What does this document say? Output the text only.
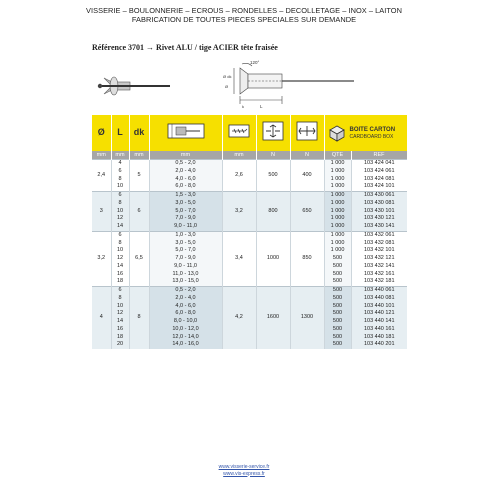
VISSERIE – BOULONNERIE – ECROUS – RONDELLES – DECOLLETAGE – INOX – LAITON
FABRICATION DE TOUTES PIECES SPECIALES SUR DEMANDE
Référence 3701 → Rivet ALU / tige ACIER tête fraisée
120°
Ø dk
Ø
L
k
Ø	L	dk					BOITE CARTON
CARDBOARD BOX	

mm	mm	mm	mm	mm	N	N	QTE	REF
2,4	4	5	0,5 - 2,0	2,6	500	400	1 000	103 424 041
	6		2,0 - 4,0				1 000	103 424 061
	8		4,0 - 6,0				1 000	103 424 081
	10		6,0 - 8,0				1 000	103 424 101
3	6	6	1,5 - 3,0	3,2	800	650	1 000	103 430 061
	8		3,0 - 5,0				1 000	103 430 081
	10		5,0 - 7,0				1 000	103 430 101
	12		7,0 - 9,0				1 000	103 430 121
	14		9,0 - 11,0				1 000	103 430 141
3,2	6	6,5	1,0 - 3,0	3,4	1000	850	1 000	103 432 061
	8		3,0 - 5,0				1 000	103 432 081
	10		5,0 - 7,0				1 000	103 432 101
	12		7,0 - 9,0				500	103 432 121
	14		9,0 - 11,0				500	103 432 141
	16		11,0 - 13,0				500	103 432 161
	18		13,0 - 15,0				500	103 432 181
4	6	8	0,5 - 2,0	4,2	1600	1300	500	103 440 061
	8		2,0 - 4,0				500	103 440 081
	10		4,0 - 6,0				500	103 440 101
	12		6,0 - 8,0				500	103 440 121
	14		8,0 - 10,0				500	103 440 141
	16		10,0 - 12,0				500	103 440 161
	18		12,0 - 14,0				500	103 440 181
	20		14,0 - 16,0				500	103 440 201
www.visserie-service.fr
www.vis-express.fr
